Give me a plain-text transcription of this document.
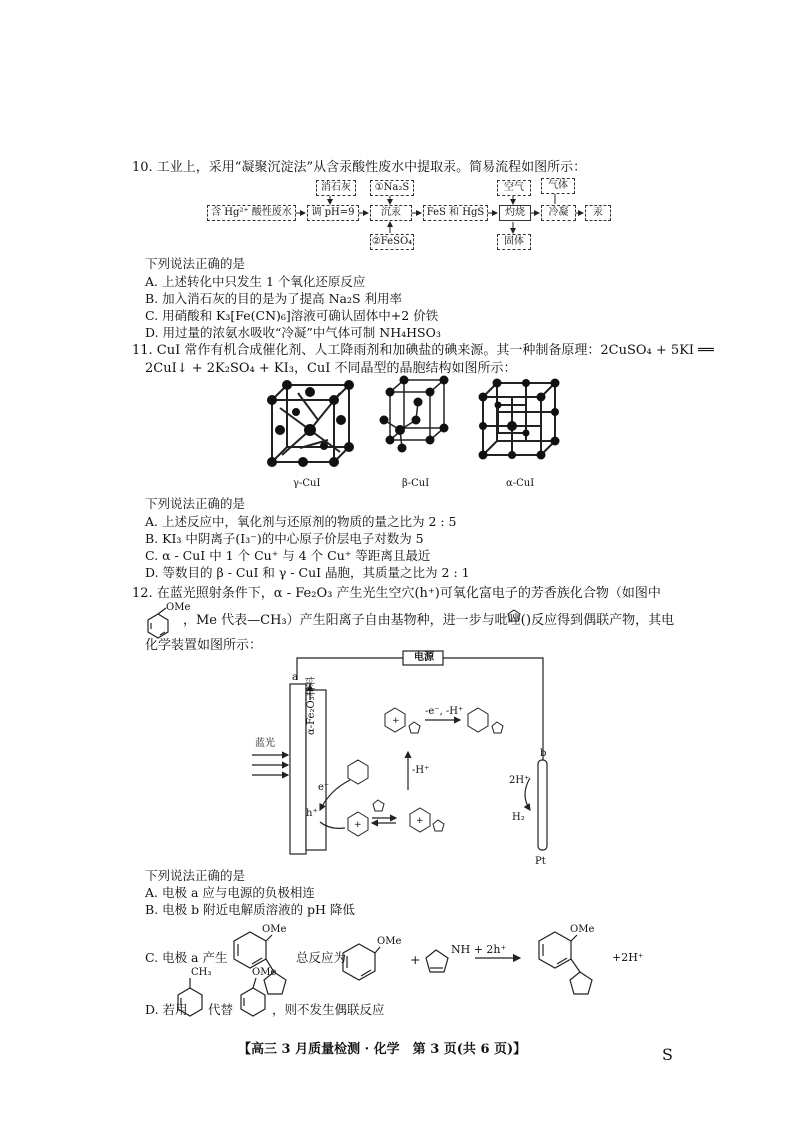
10. 工业上，采用“凝聚沉淀法”从含汞酸性废水中提取汞。简易流程如图所示：
含 Hg²⁺ 酸性废水
消石灰
调 pH=9
①Na₂S
沉汞
②FeSO₄
FeS 和 HgS
空气
灼烧
固体
气体
冷凝	汞
下列说法正确的是
A. 上述转化中只发生 1 个氧化还原反应
B. 加入消石灰的目的是为了提高 Na₂S 利用率
C. 用硝酸和 K₃[Fe(CN)₆]溶液可确认固体中+2 价铁
D. 用过量的浓氨水吸收“冷凝”中气体可制 NH₄HSO₃
11. CuI 常作有机合成催化剂、人工降雨剂和加碘盐的碘来源。其一种制备原理：2CuSO₄ + 5KI ══
2CuI↓ + 2K₂SO₄ + KI₃，CuI 不同晶型的晶胞结构如图所示：
γ-CuI	β-CuI	α-CuI
下列说法正确的是
A. 上述反应中，氧化剂与还原剂的物质的量之比为 2 : 5
B. KI₃ 中阴离子(I₃⁻)的中心原子价层电子对数为 5
C. α - CuI 中 1 个 Cu⁺ 与 4 个 Cu⁺ 等距离且最近
D. 等数目的 β - CuI 和 γ - CuI 晶胞，其质量之比为 2 : 1
12. 在蓝光照射条件下，α - Fe₂O₃ 产生光生空穴(h⁺)可氧化富电子的芳香族化合物（如图中
OMe
，Me 代表—CH₃）产生阳离子自由基物种，进一步与吡唑( )反应得到偶联产物，其电
化学装置如图所示：
+
+	+
电源
a
b
α-Fe₂O₃材料
蓝光
e⁻
h⁺
-e⁻, -H⁺
-H⁺
2H⁺
H₂
Pt
下列说法正确的是
A. 电极 a 应与电源的负极相连
B. 电极 b 附近电解质溶液的 pH 降低
C. 电极 a 产生	总反应为	+
NH + 2h⁺
+2H⁺
OMe
OMe
OMe
D. 若用 代替	，则不发生偶联反应
CH₃	OMe
【高三 3 月质量检测 · 化学　第 3 页(共 6 页)】	S
